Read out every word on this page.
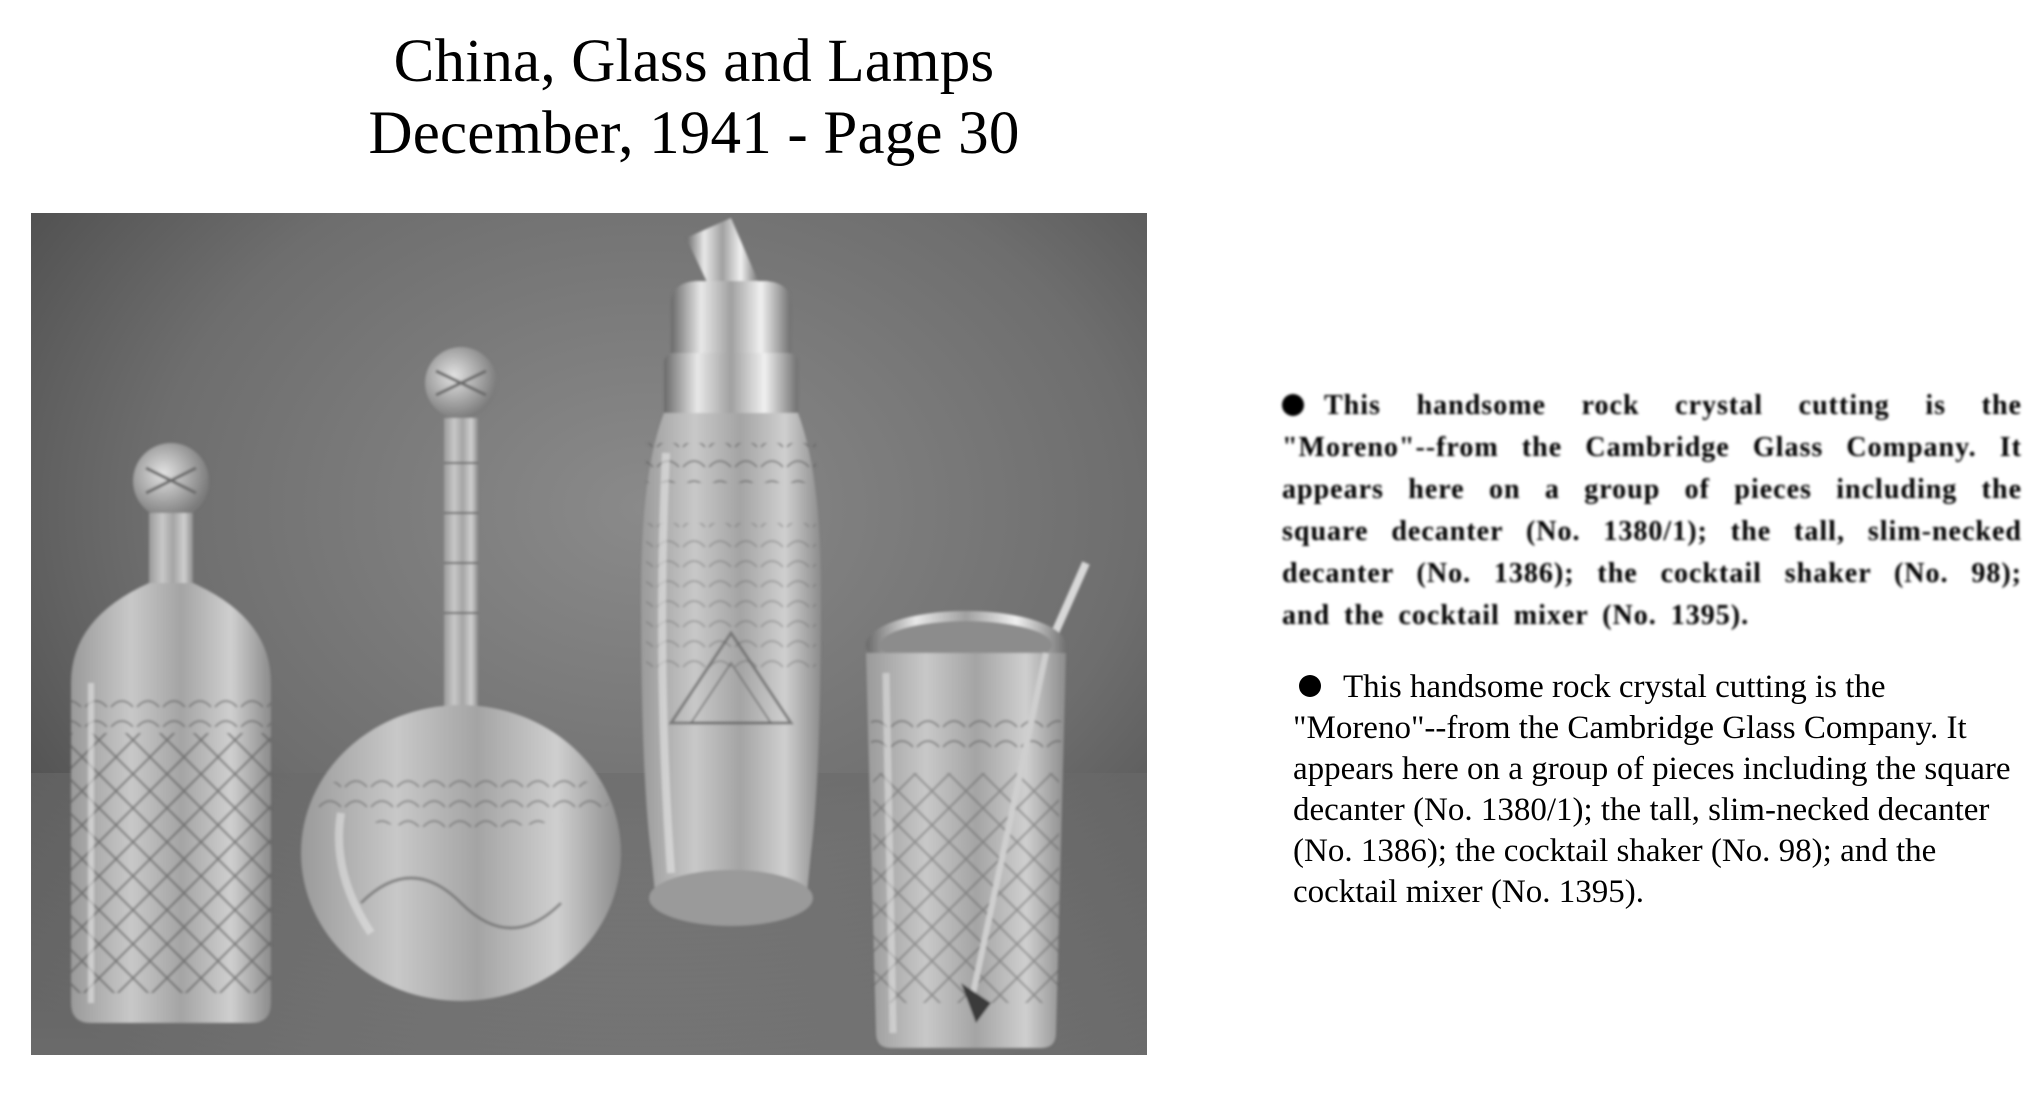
China, Glass and Lamps
December, 1941 - Page 30
This handsome rock crystal cutting is the "Moreno"--from the Cambridge Glass Company. It appears here on a group of pieces including the square decanter (No. 1380/1); the tall, slim-necked decanter (No. 1386); the cocktail shaker (No. 98); and the cocktail mixer (No. 1395).
This handsome rock crystal cutting is the "Moreno"--from the Cambridge Glass Company. It appears here on a group of pieces including the square decanter (No. 1380/1); the tall, slim-necked decanter (No. 1386); the cocktail shaker (No. 98); and the cocktail mixer (No. 1395).
